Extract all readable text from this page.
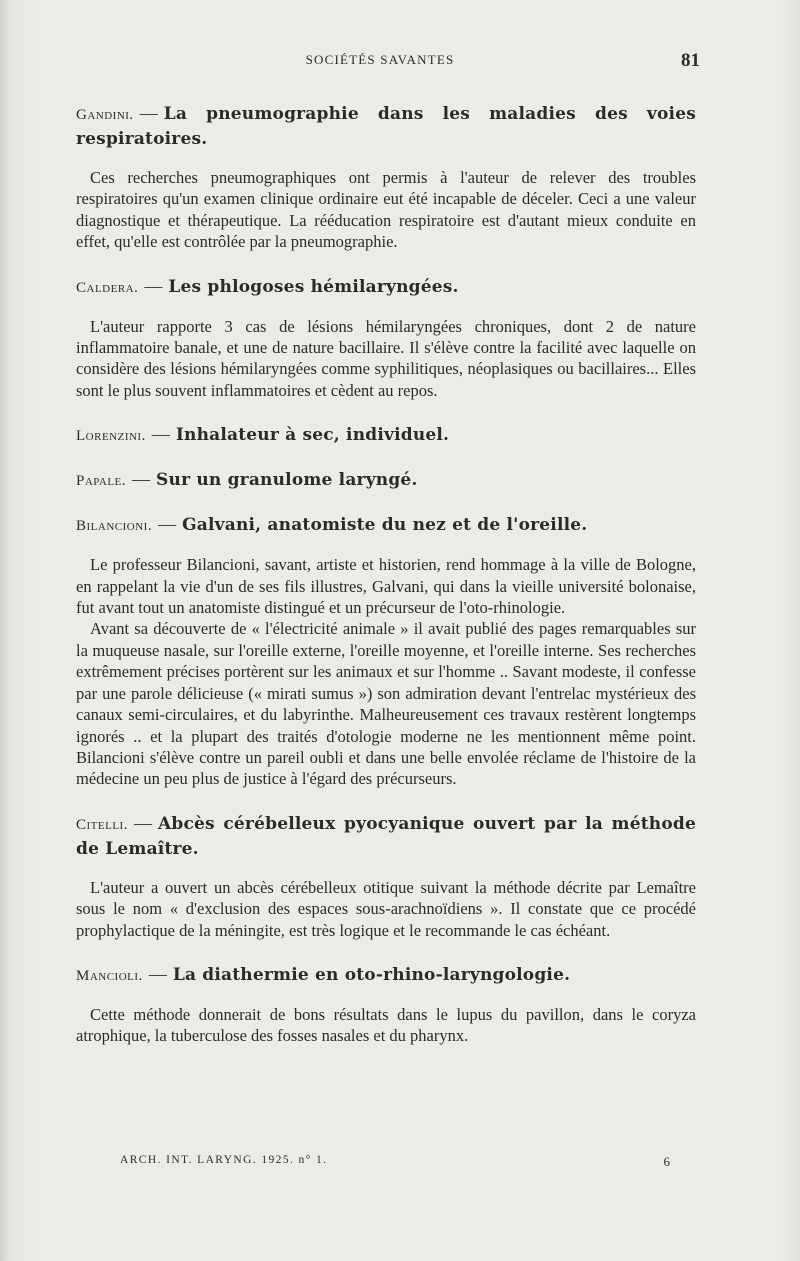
SOCIÉTÉS SAVANTES	81

Gandini. — La pneumographie dans les maladies des voies respiratoires.

Ces recherches pneumographiques ont permis à l'auteur de relever des troubles respiratoires qu'un examen clinique ordinaire eut été incapable de déceler. Ceci a une valeur diagnostique et thérapeutique. La rééducation respiratoire est d'autant mieux conduite en effet, qu'elle est contrôlée par la pneumographie.

Caldera. — Les phlogoses hémilaryngées.

L'auteur rapporte 3 cas de lésions hémilaryngées chroniques, dont 2 de nature inflammatoire banale, et une de nature bacillaire. Il s'élève contre la facilité avec laquelle on considère des lésions hémilaryngées comme syphilitiques, néoplasiques ou bacillaires... Elles sont le plus souvent inflammatoires et cèdent au repos.

Lorenzini. — Inhalateur à sec, individuel.

Papale. — Sur un granulome laryngé.

Bilancioni. — Galvani, anatomiste du nez et de l'oreille.

Le professeur Bilancioni, savant, artiste et historien, rend hommage à la ville de Bologne, en rappelant la vie d'un de ses fils illustres, Galvani, qui dans la vieille université bolonaise, fut avant tout un anatomiste distingué et un précurseur de l'oto-rhinologie.

Avant sa découverte de « l'électricité animale » il avait publié des pages remarquables sur la muqueuse nasale, sur l'oreille externe, l'oreille moyenne, et l'oreille interne. Ses recherches extrêmement précises portèrent sur les animaux et sur l'homme .. Savant modeste, il confesse par une parole délicieuse (« mirati sumus ») son admiration devant l'entrelac mystérieux des canaux semi-circulaires, et du labyrinthe. Malheureusement ces travaux restèrent longtemps ignorés .. et la plupart des traités d'otologie moderne ne les mentionnent même point. Bilancioni s'élève contre un pareil oubli et dans une belle envolée réclame de l'histoire de la médecine un peu plus de justice à l'égard des précurseurs.

Citelli. — Abcès cérébelleux pyocyanique ouvert par la méthode de Lemaître.

L'auteur a ouvert un abcès cérébelleux otitique suivant la méthode décrite par Lemaître sous le nom « d'exclusion des espaces sous-arachnoïdiens ». Il constate que ce procédé prophylactique de la méningite, est très logique et le recommande le cas échéant.

Mancioli. — La diathermie en oto-rhino-laryngologie.

Cette méthode donnerait de bons résultats dans le lupus du pavillon, dans le coryza atrophique, la tuberculose des fosses nasales et du pharynx.

ARCH. INT. LARYNG. 1925. n° 1.	6
